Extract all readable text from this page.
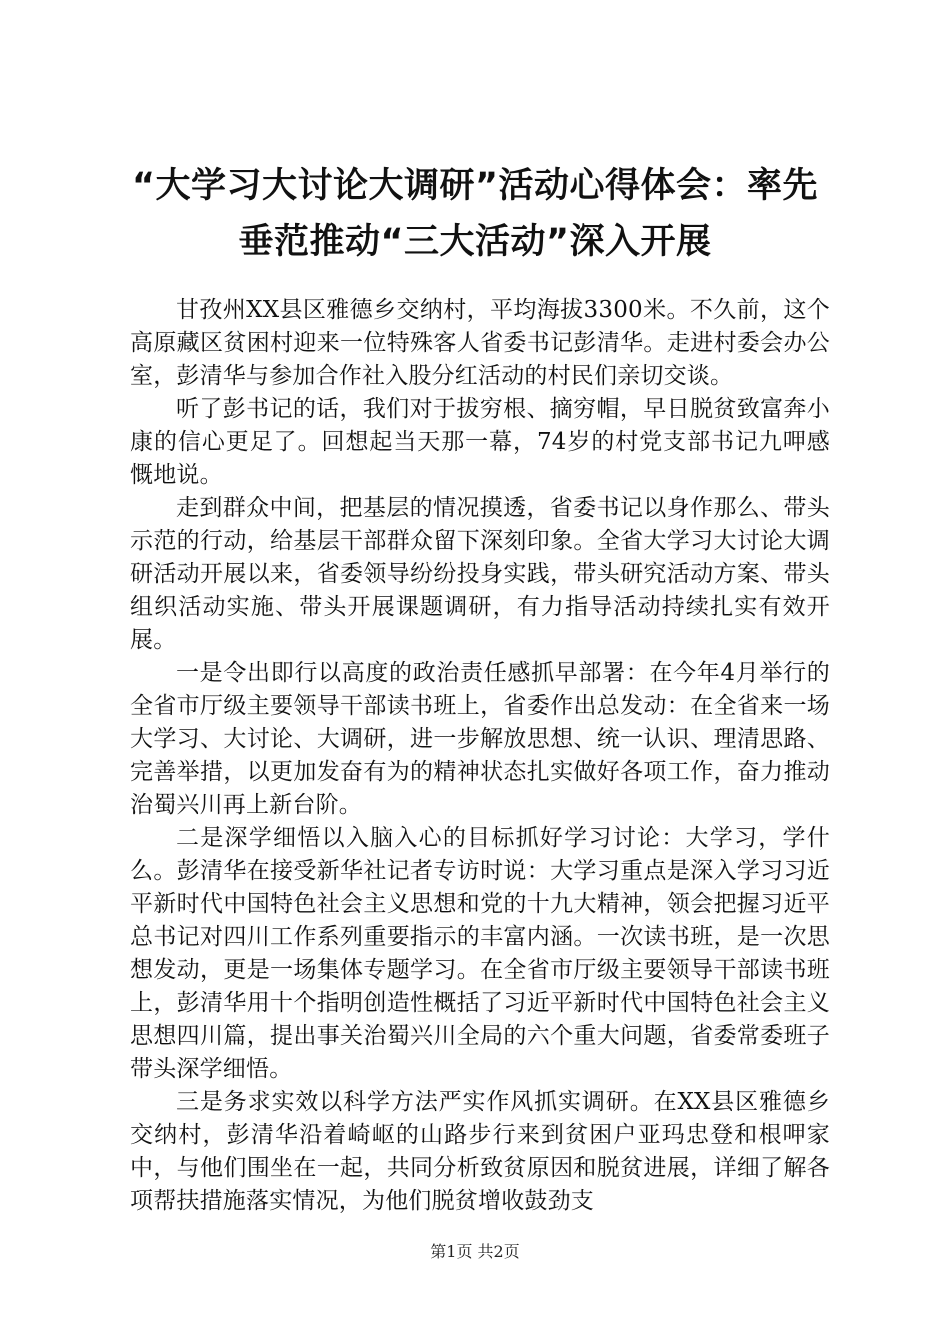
“大学习大讨论大调研”活动心得体会：率先
垂范推动“三大活动”深入开展

甘孜州XX县区雅德乡交纳村，平均海拔3300米。不久前，这个高原藏区贫困村迎来一位特殊客人省委书记彭清华。走进村委会办公室，彭清华与参加合作社入股分红活动的村民们亲切交谈。

听了彭书记的话，我们对于拔穷根、摘穷帽，早日脱贫致富奔小康的信心更足了。回想起当天那一幕，74岁的村党支部书记九呷感慨地说。

走到群众中间，把基层的情况摸透，省委书记以身作那么、带头示范的行动，给基层干部群众留下深刻印象。全省大学习大讨论大调研活动开展以来，省委领导纷纷投身实践，带头研究活动方案、带头组织活动实施、带头开展课题调研，有力指导活动持续扎实有效开展。

一是令出即行以高度的政治责任感抓早部署：在今年4月举行的全省市厅级主要领导干部读书班上，省委作出总发动：在全省来一场大学习、大讨论、大调研，进一步解放思想、统一认识、理清思路、完善举措，以更加发奋有为的精神状态扎实做好各项工作，奋力推动治蜀兴川再上新台阶。

二是深学细悟以入脑入心的目标抓好学习讨论：大学习，学什么。彭清华在接受新华社记者专访时说：大学习重点是深入学习习近平新时代中国特色社会主义思想和党的十九大精神，领会把握习近平总书记对四川工作系列重要指示的丰富内涵。一次读书班，是一次思想发动，更是一场集体专题学习。在全省市厅级主要领导干部读书班上，彭清华用十个指明创造性概括了习近平新时代中国特色社会主义思想四川篇，提出事关治蜀兴川全局的六个重大问题，省委常委班子带头深学细悟。

三是务求实效以科学方法严实作风抓实调研。在XX县区雅德乡交纳村，彭清华沿着崎岖的山路步行来到贫困户亚玛忠登和根呷家中，与他们围坐在一起，共同分析致贫原因和脱贫进展，详细了解各项帮扶措施落实情况，为他们脱贫增收鼓劲支

第1页 共2页
